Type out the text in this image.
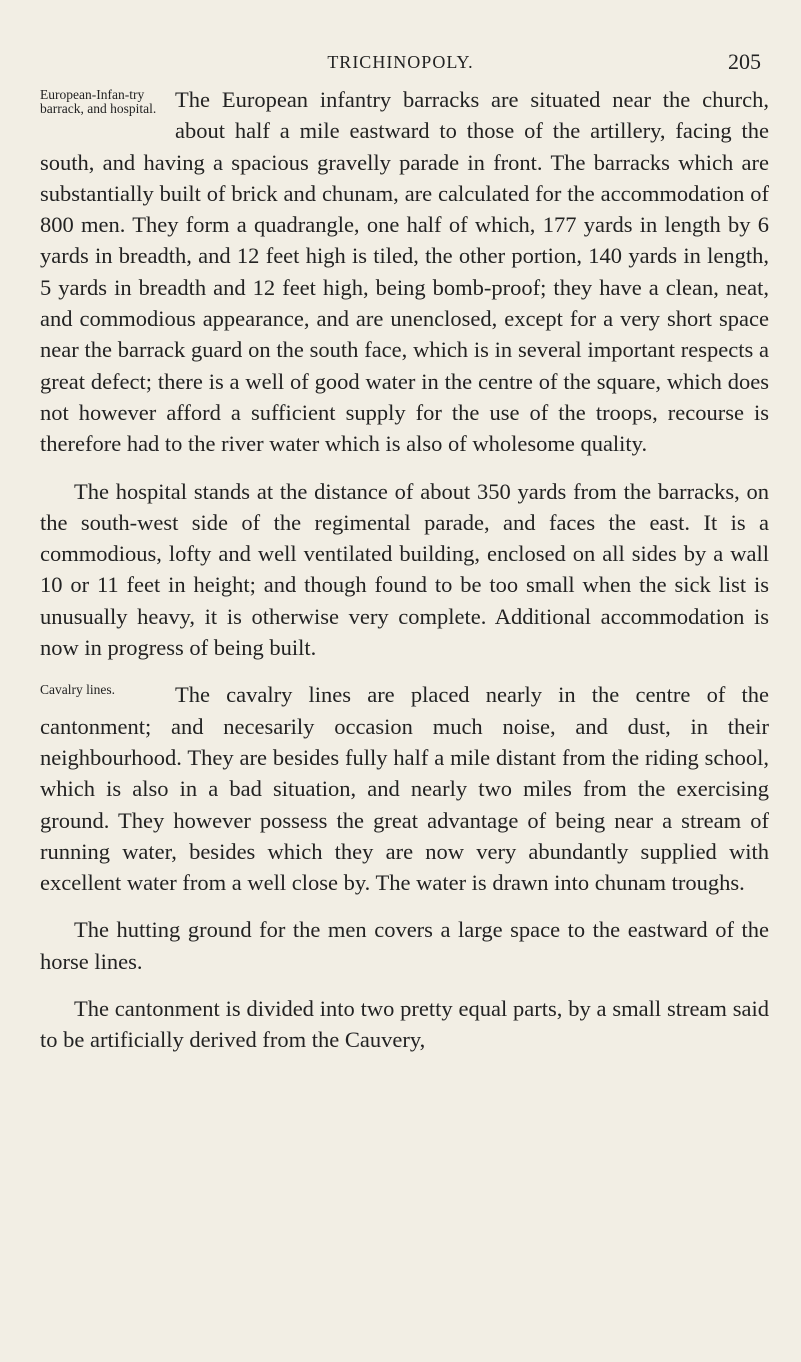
TRICHINOPOLY.	205

European-Infan-try barrack, and hospital. The European infantry barracks are situated near the church, about half a mile eastward to those of the artillery, facing the south, and having a spacious gravelly parade in front. The barracks which are substantially built of brick and chunam, are calculated for the accommodation of 800 men. They form a quadrangle, one half of which, 177 yards in length by 6 yards in breadth, and 12 feet high is tiled, the other portion, 140 yards in length, 5 yards in breadth and 12 feet high, being bomb-proof; they have a clean, neat, and commodious appearance, and are unenclosed, except for a very short space near the barrack guard on the south face, which is in several important respects a great defect; there is a well of good water in the centre of the square, which does not however afford a sufficient supply for the use of the troops, recourse is therefore had to the river water which is also of wholesome quality.

The hospital stands at the distance of about 350 yards from the barracks, on the south-west side of the regimental parade, and faces the east. It is a commodious, lofty and well ventilated building, enclosed on all sides by a wall 10 or 11 feet in height; and though found to be too small when the sick list is unusually heavy, it is otherwise very complete. Additional accommodation is now in progress of being built.

Cavalry lines.	The cavalry lines are placed nearly in the centre of the cantonment; and necesarily occasion much noise, and dust, in their neighbourhood. They are besides fully half a mile distant from the riding school, which is also in a bad situation, and nearly two miles from the exercising ground. They however possess the great advantage of being near a stream of running water, besides which they are now very abundantly supplied with excellent water from a well close by. The water is drawn into chunam troughs.

The hutting ground for the men covers a large space to the eastward of the horse lines.

The cantonment is divided into two pretty equal parts, by a small stream said to be artificially derived from the Cauvery,
